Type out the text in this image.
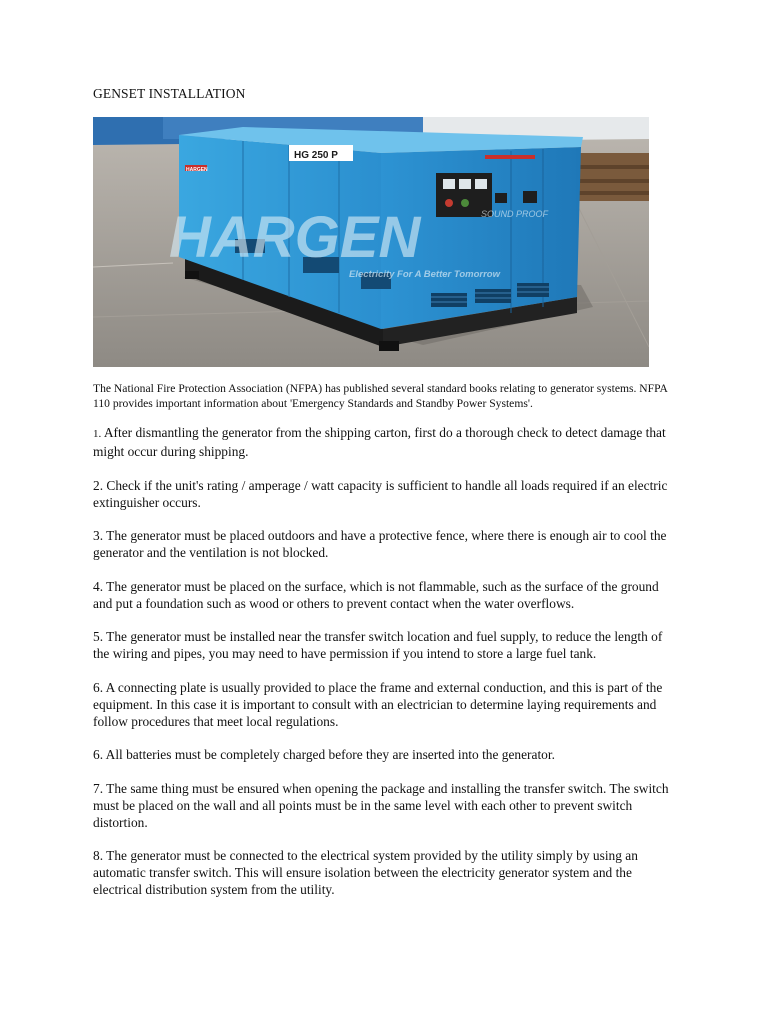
GENSET INSTALLATION
HG 250 P
HARGEN
HARGEN	SOUND PROOF
Electricity For A Better Tomorrow
The National Fire Protection Association (NFPA) has published several standard books relating to generator systems. NFPA 110 provides important information about 'Emergency Standards and Standby Power Systems'.

1. After dismantling the generator from the shipping carton, first do a thorough check to detect damage that might occur during shipping.

2. Check if the unit's rating / amperage / watt capacity is sufficient to handle all loads required if an electric extinguisher occurs.

3. The generator must be placed outdoors and have a protective fence, where there is enough air to cool the generator and the ventilation is not blocked.

4. The generator must be placed on the surface, which is not flammable, such as the surface of the ground and put a foundation such as wood or others to prevent contact when the water overflows.

5. The generator must be installed near the transfer switch location and fuel supply, to reduce the length of the wiring and pipes, you may need to have permission if you intend to store a large fuel tank.

6. A connecting plate is usually provided to place the frame and external conduction, and this is part of the equipment. In this case it is important to consult with an electrician to determine laying requirements and follow procedures that meet local regulations.

6. All batteries must be completely charged before they are inserted into the generator.

7. The same thing must be ensured when opening the package and installing the transfer switch. The switch must be placed on the wall and all points must be in the same level with each other to prevent switch distortion.

8. The generator must be connected to the electrical system provided by the utility simply by using an automatic transfer switch. This will ensure isolation between the electricity generator system and the electrical distribution system from the utility.
